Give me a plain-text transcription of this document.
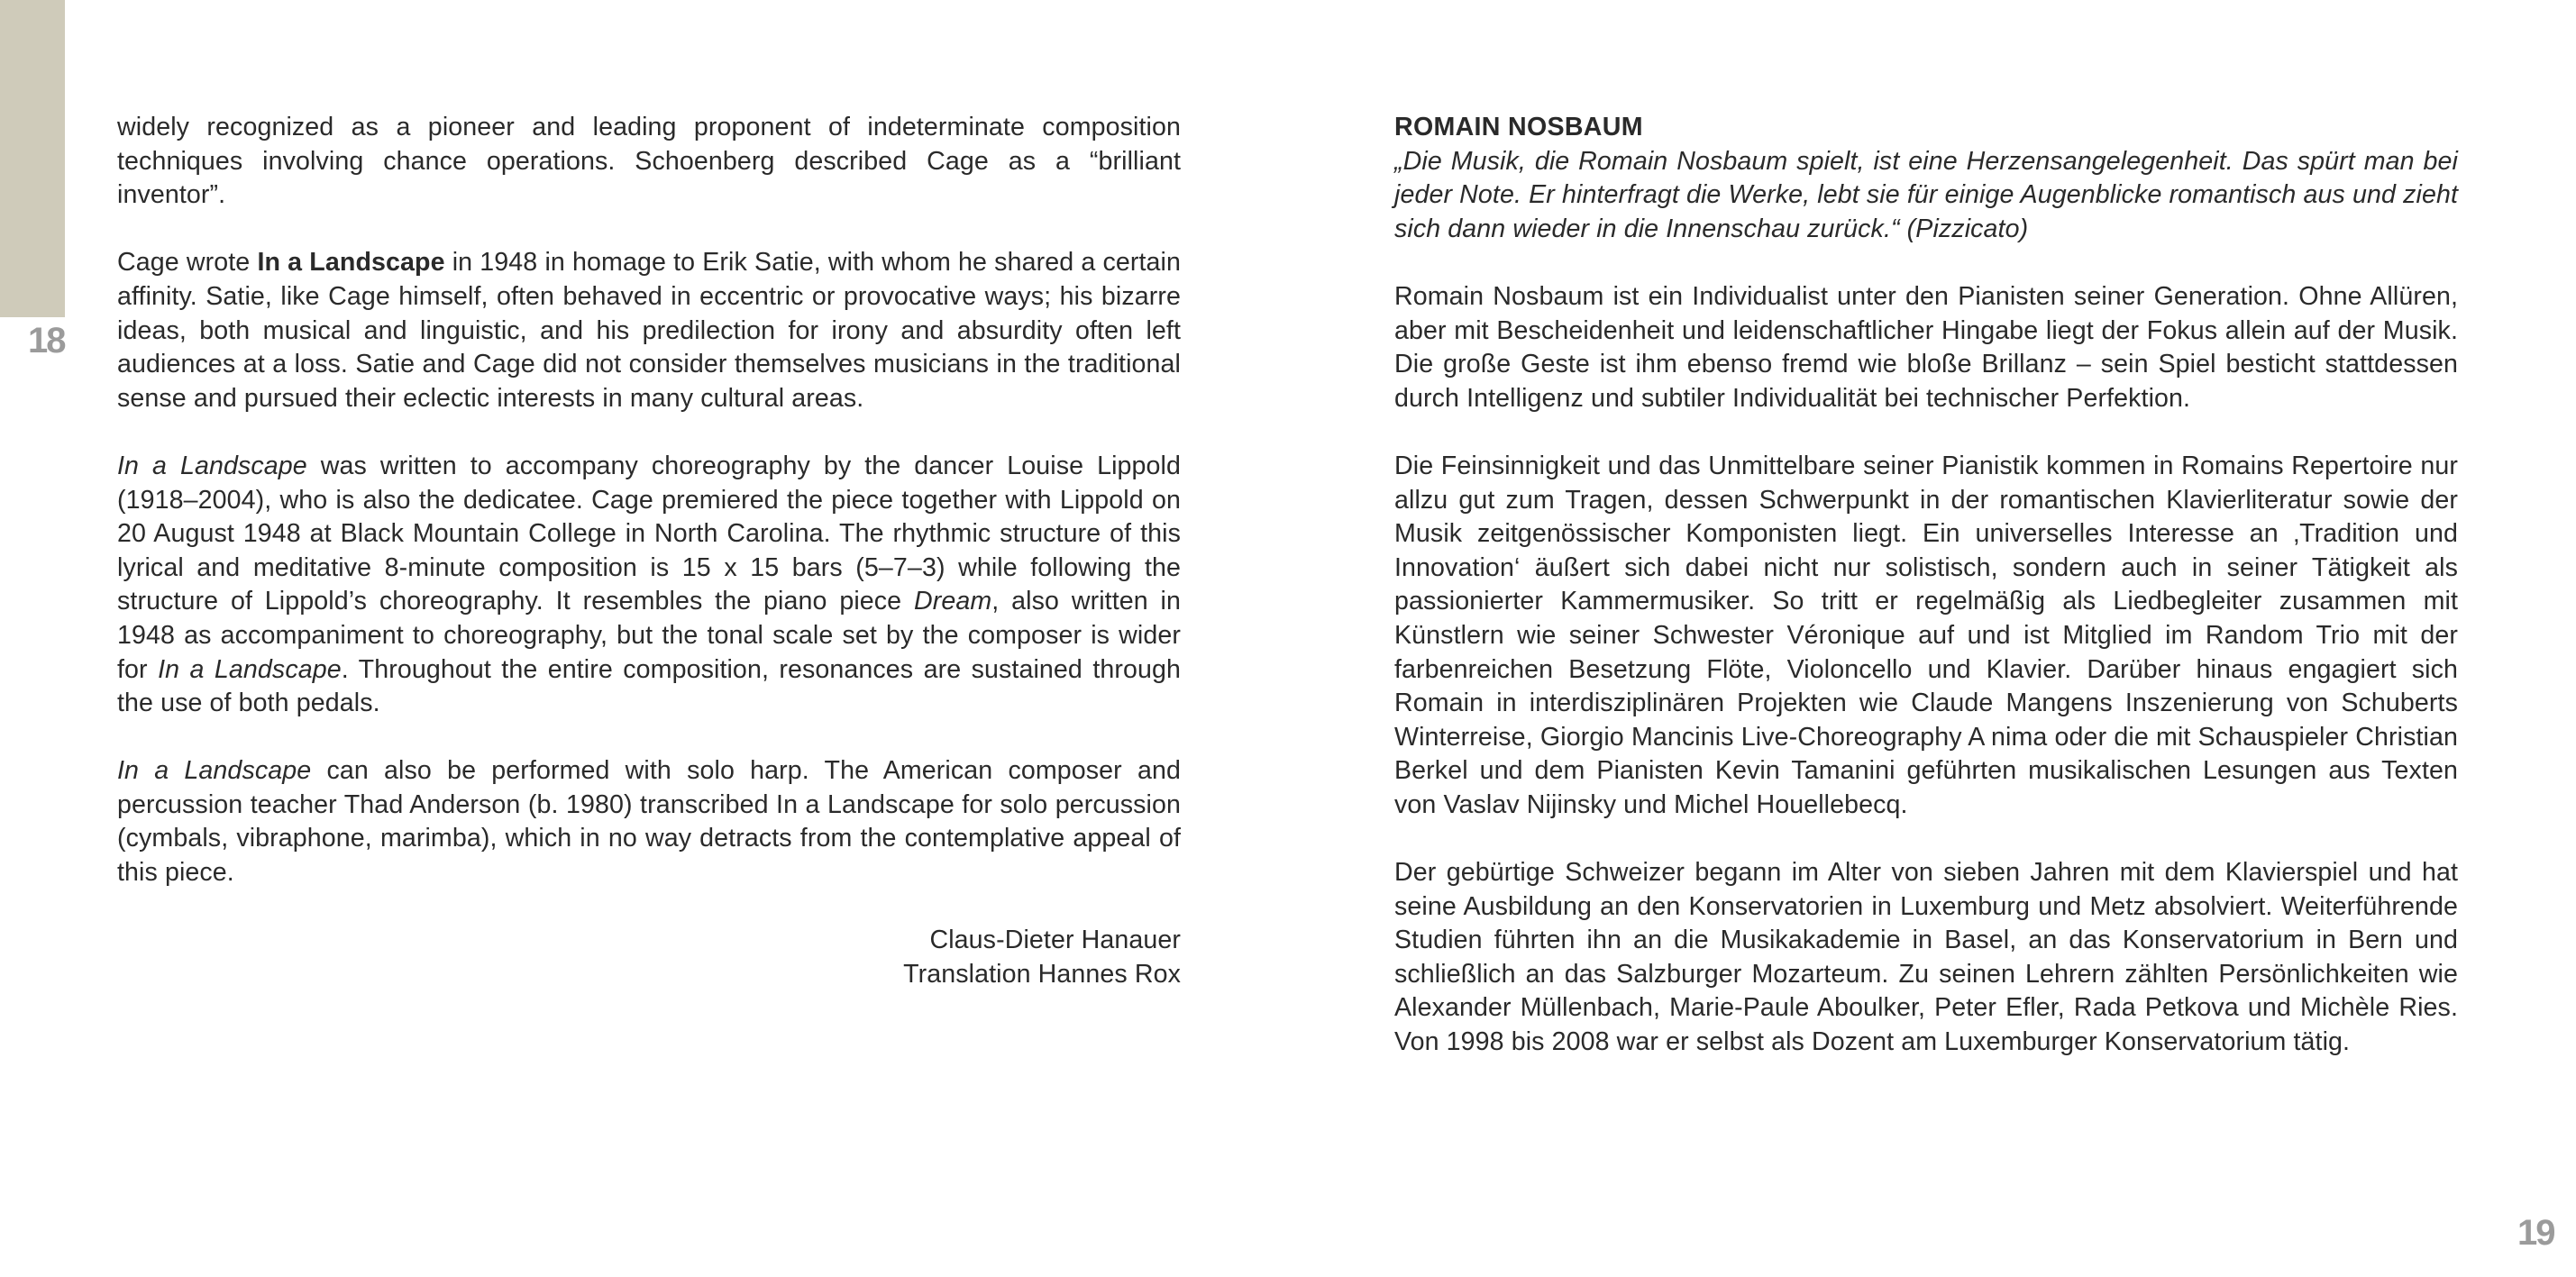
18
19

widely recognized as a pioneer and leading proponent of indeterminate composition techniques involving chance operations. Schoenberg described Cage as a “brilliant inventor”.

Cage wrote In a Landscape in 1948 in homage to Erik Satie, with whom he shared a certain affinity. Satie, like Cage himself, often behaved in eccentric or provocative ways; his bizarre ideas, both musical and linguistic, and his predilection for irony and absurdity often left audiences at a loss. Satie and Cage did not consider themselves musicians in the traditional sense and pursued their eclectic interests in many cultural areas.

In a Landscape was written to accompany choreography by the dancer Louise Lippold (1918–2004), who is also the dedicatee. Cage premiered the piece together with Lippold on 20 August 1948 at Black Mountain College in North Carolina. The rhythmic structure of this lyrical and meditative 8-minute composition is 15 x 15 bars (5–7–3) while following the structure of Lippold’s choreography. It resembles the piano piece Dream, also written in 1948 as accompaniment to choreography, but the tonal scale set by the composer is wider for In a Landscape. Throughout the entire composition, resonances are sustained through the use of both pedals.

In a Landscape can also be performed with solo harp. The American composer and percussion teacher Thad Anderson (b. 1980) transcribed In a Landscape for solo percussion (cymbals, vibraphone, marimba), which in no way detracts from the contemplative appeal of this piece.

Claus-Dieter Hanauer
Translation Hannes Rox
ROMAIN NOSBAUM

„Die Musik, die Romain Nosbaum spielt, ist eine Herzensangelegenheit. Das spürt man bei jeder Note. Er hinterfragt die Werke, lebt sie für einige Augenblicke romantisch aus und zieht sich dann wieder in die Innenschau zurück.“ (Pizzicato)

Romain Nosbaum ist ein Individualist unter den Pianisten seiner Generation. Ohne Allüren, aber mit Bescheidenheit und leidenschaftlicher Hingabe liegt der Fokus allein auf der Musik. Die große Geste ist ihm ebenso fremd wie bloße Brillanz – sein Spiel besticht stattdessen durch Intelligenz und subtiler Individualität bei technischer Perfektion.

Die Feinsinnigkeit und das Unmittelbare seiner Pianistik kommen in Romains Repertoire nur allzu gut zum Tragen, dessen Schwerpunkt in der romantischen Klavierliteratur sowie der Musik zeitgenössischer Komponisten liegt. Ein universelles Interesse an ‚Tradition und Innovation‘ äußert sich dabei nicht nur solistisch, sondern auch in seiner Tätigkeit als passionierter Kammermusiker. So tritt er regelmäßig als Liedbegleiter zusammen mit Künstlern wie seiner Schwester Véronique auf und ist Mitglied im Random Trio mit der farbenreichen Besetzung Flöte, Violoncello und Klavier. Darüber hinaus engagiert sich Romain in interdisziplinären Projekten wie Claude Mangens Inszenierung von Schuberts Winterreise, Giorgio Mancinis Live-Choreography A nima oder die mit Schauspieler Christian Berkel und dem Pianisten Kevin Tamanini geführten musikalischen Lesungen aus Texten von Vaslav Nijinsky und Michel Houellebecq.

Der gebürtige Schweizer begann im Alter von sieben Jahren mit dem Klavierspiel und hat seine Ausbildung an den Konservatorien in Luxemburg und Metz absolviert. Weiterführende Studien führten ihn an die Musikakademie in Basel, an das Konservatorium in Bern und schließlich an das Salzburger Mozarteum. Zu seinen Lehrern zählten Persönlichkeiten wie Alexander Müllenbach, Marie-Paule Aboulker, Peter Efler, Rada Petkova und Michèle Ries. Von 1998 bis 2008 war er selbst als Dozent am Luxemburger Konservatorium tätig.
